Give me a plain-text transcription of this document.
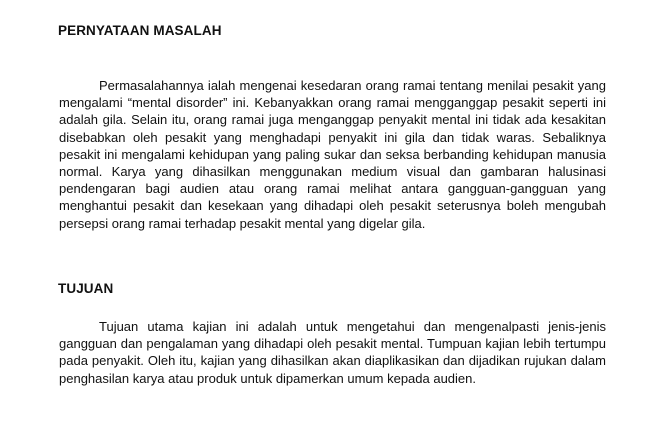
PERNYATAAN MASALAH

Permasalahannya ialah mengenai kesedaran orang ramai tentang menilai pesakit yang mengalami “mental disorder” ini. Kebanyakkan orang ramai mengganggap pesakit seperti ini adalah gila. Selain itu, orang ramai juga menganggap penyakit mental ini tidak ada kesakitan disebabkan oleh pesakit yang menghadapi penyakit ini gila dan tidak waras. Sebaliknya pesakit ini mengalami kehidupan yang paling sukar dan seksa berbanding kehidupan manusia normal. Karya yang dihasilkan menggunakan medium visual dan gambaran halusinasi pendengaran bagi audien atau orang ramai melihat antara gangguan-gangguan yang menghantui pesakit dan kesekaan yang dihadapi oleh pesakit seterusnya boleh mengubah persepsi orang ramai terhadap pesakit mental yang digelar gila.

TUJUAN

Tujuan utama kajian ini adalah untuk mengetahui dan mengenalpasti jenis-jenis gangguan dan pengalaman yang dihadapi oleh pesakit mental. Tumpuan kajian lebih tertumpu pada penyakit. Oleh itu, kajian yang dihasilkan akan diaplikasikan dan dijadikan rujukan dalam penghasilan karya atau produk untuk dipamerkan umum kepada audien.
